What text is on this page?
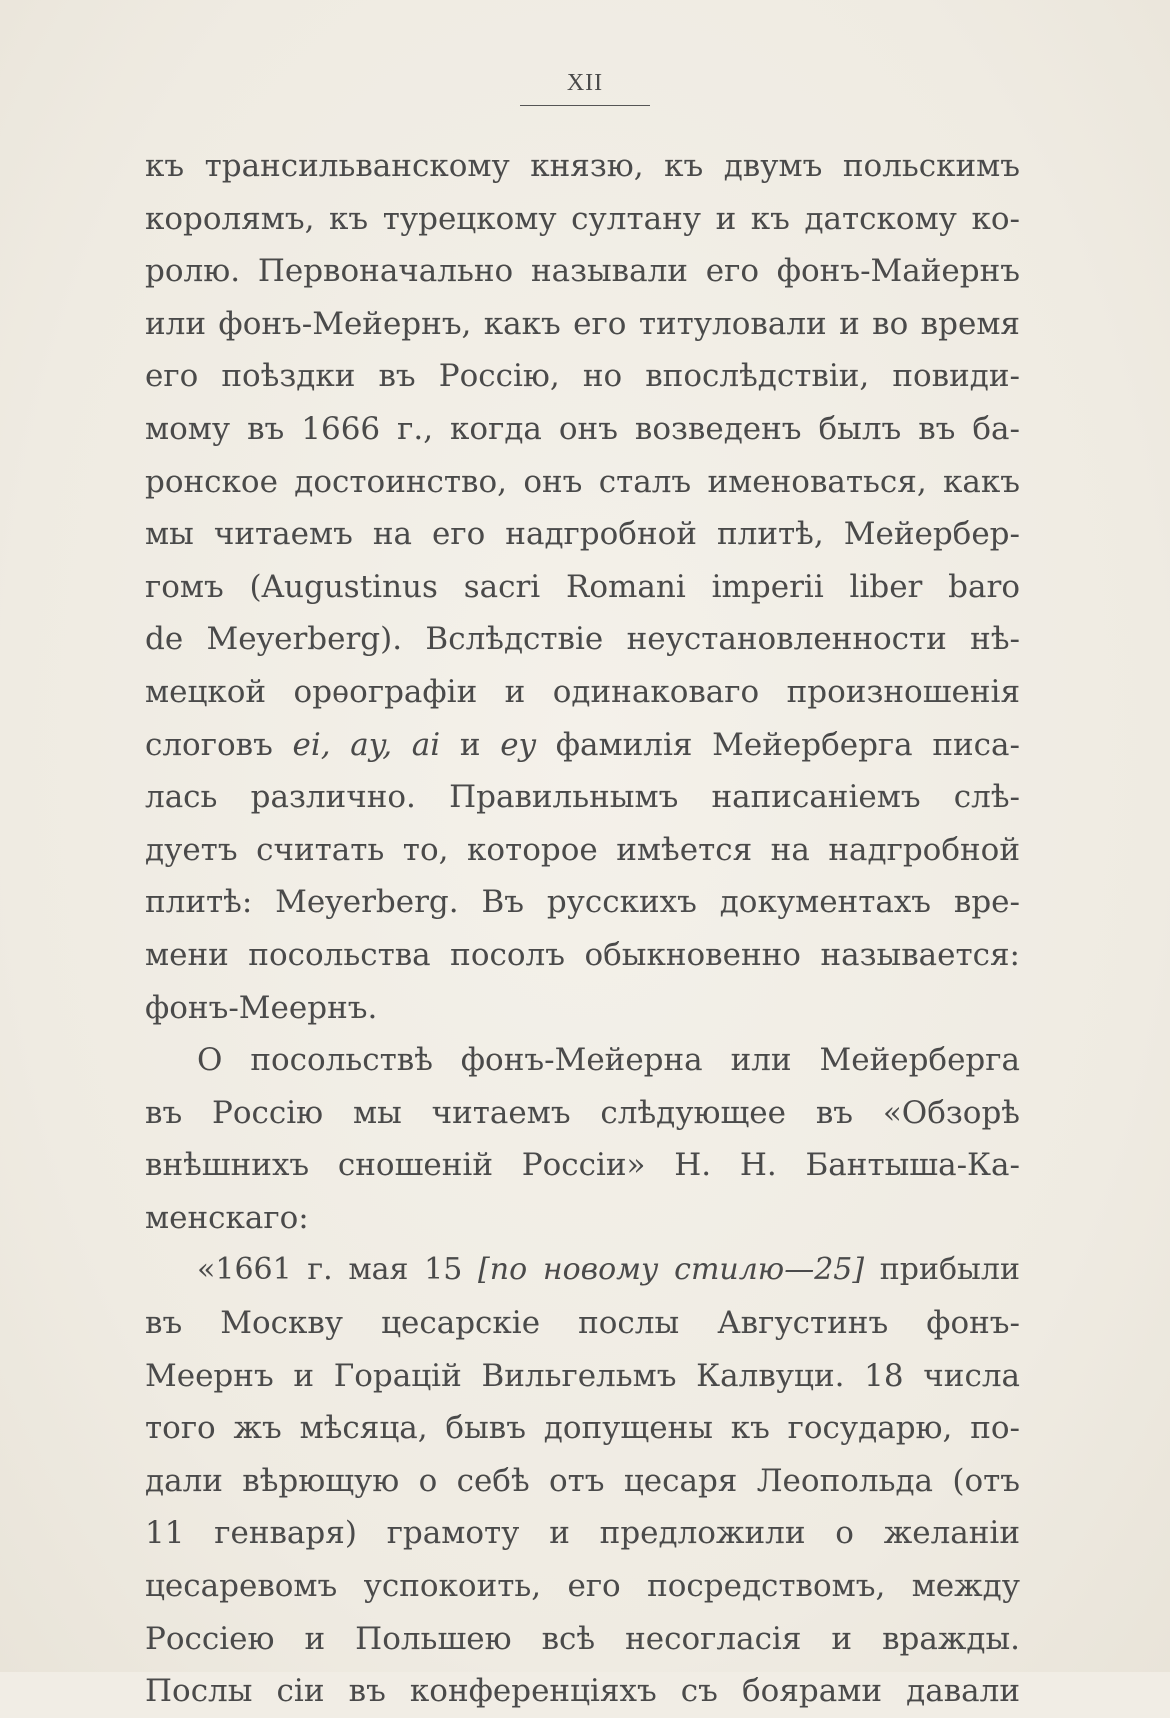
XII
къ трансильванскому князю, къ двумъ польскимъ
королямъ, къ турецкому султану и къ датскому ко-
ролю. Первоначально называли его фонъ-Майернъ
или фонъ-Мейернъ, какъ его титуловали и во время
его поѣздки въ Россію, но впослѣдствіи, повиди-
мому въ 1666 г., когда онъ возведенъ былъ въ ба-
ронское достоинство, онъ сталъ именоваться, какъ
мы читаемъ на его надгробной плитѣ, Мейербер-
гомъ (Augustinus sacri Romani imperii liber baro
de Meyerberg). Вслѣдствіе неустановленности нѣ-
мецкой орѳографіи и одинаковаго произношенія
слоговъ ei, ay, ai и ey фамилія Мейерберга писа-
лась различно. Правильнымъ написаніемъ слѣ-
дуетъ считать то, которое имѣется на надгробной
плитѣ: Meyerberg. Въ русскихъ документахъ вре-
мени посольства посолъ обыкновенно называется:
фонъ-Меернъ.
О посольствѣ фонъ-Мейерна или Мейерберга
въ Россію мы читаемъ слѣдующее въ «Обзорѣ
внѣшнихъ сношеній Россіи» Н. Н. Бантыша-Ка-
менскаго:
«1661 г. мая 15 [по новому стилю—25] прибыли
въ Москву цесарскіе послы Августинъ фонъ-
Меернъ и Горацій Вильгельмъ Калвуци. 18 числа
того жъ мѣсяца, бывъ допущены къ государю, по-
дали вѣрющую о себѣ отъ цесаря Леопольда (отъ
11 генваря) грамоту и предложили о желаніи
цесаревомъ успокоить, его посредствомъ, между
Россіею и Польшею всѣ несогласія и вражды.
Послы сіи въ конференціяхъ съ боярами давали
